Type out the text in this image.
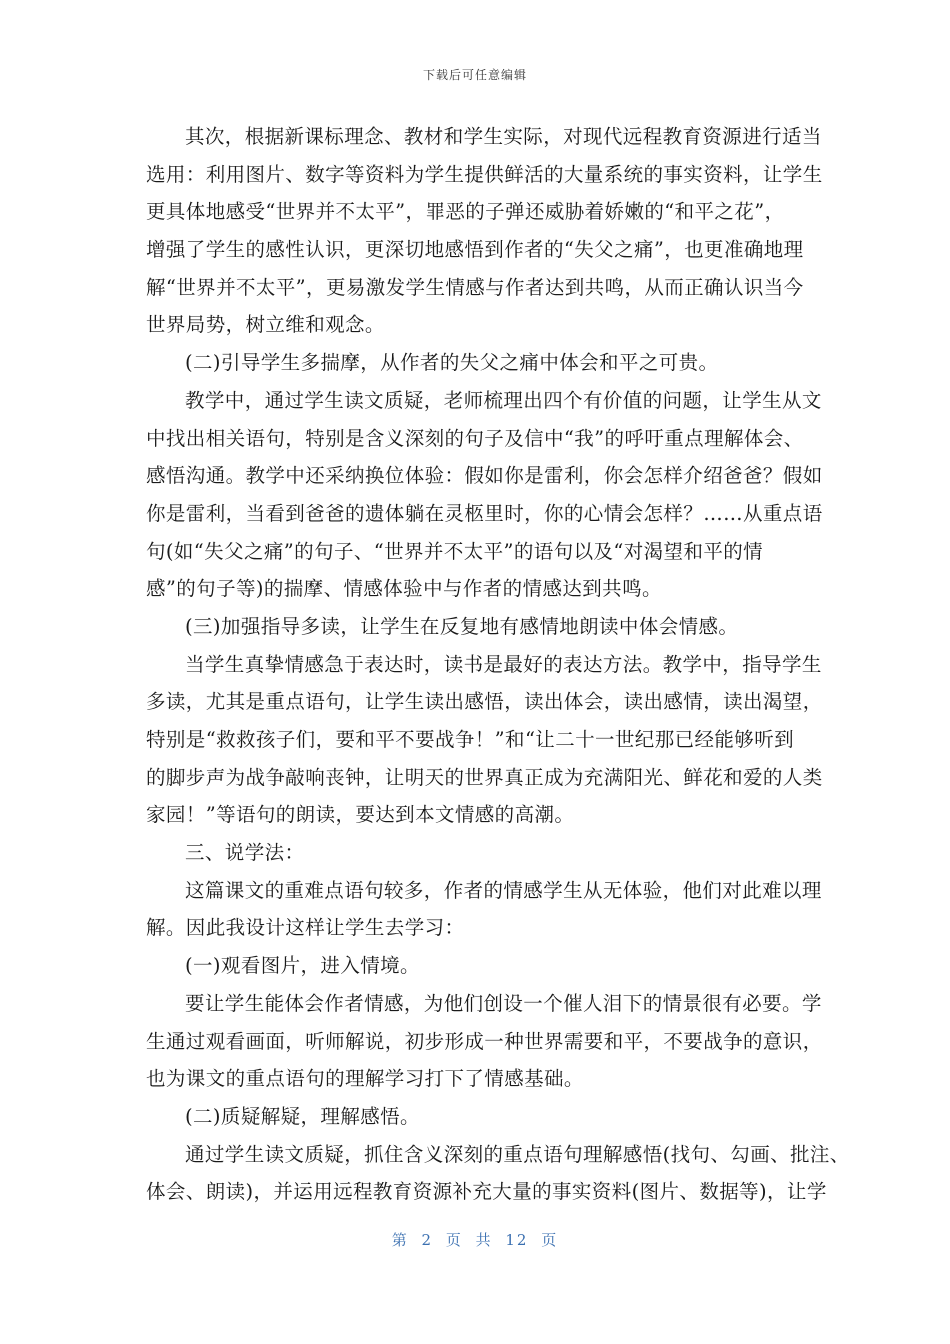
下载后可任意编辑
其次，根据新课标理念、教材和学生实际，对现代远程教育资源进行适当
选用：利用图片、数字等资料为学生提供鲜活的大量系统的事实资料，让学生
更具体地感受“世界并不太平”，罪恶的子弹还威胁着娇嫩的“和平之花”，
增强了学生的感性认识，更深切地感悟到作者的“失父之痛”，也更准确地理
解“世界并不太平”，更易激发学生情感与作者达到共鸣，从而正确认识当今
世界局势，树立维和观念。
(二)引导学生多揣摩，从作者的失父之痛中体会和平之可贵。
教学中，通过学生读文质疑，老师梳理出四个有价值的问题，让学生从文
中找出相关语句，特别是含义深刻的句子及信中“我”的呼吁重点理解体会、
感悟沟通。教学中还采纳换位体验：假如你是雷利，你会怎样介绍爸爸？假如
你是雷利，当看到爸爸的遗体躺在灵柩里时，你的心情会怎样？……从重点语
句(如“失父之痛”的句子、“世界并不太平”的语句以及“对渴望和平的情
感”的句子等)的揣摩、情感体验中与作者的情感达到共鸣。
(三)加强指导多读，让学生在反复地有感情地朗读中体会情感。
当学生真挚情感急于表达时，读书是最好的表达方法。教学中，指导学生
多读，尤其是重点语句，让学生读出感悟，读出体会，读出感情，读出渴望，
特别是“救救孩子们，要和平不要战争！”和“让二十一世纪那已经能够听到
的脚步声为战争敲响丧钟，让明天的世界真正成为充满阳光、鲜花和爱的人类
家园！”等语句的朗读，要达到本文情感的高潮。
三、说学法：
这篇课文的重难点语句较多，作者的情感学生从无体验，他们对此难以理
解。因此我设计这样让学生去学习：
(一)观看图片，进入情境。
要让学生能体会作者情感，为他们创设一个催人泪下的情景很有必要。学
生通过观看画面，听师解说，初步形成一种世界需要和平，不要战争的意识，
也为课文的重点语句的理解学习打下了情感基础。
(二)质疑解疑，理解感悟。
通过学生读文质疑，抓住含义深刻的重点语句理解感悟(找句、勾画、批注、
体会、朗读)，并运用远程教育资源补充大量的事实资料(图片、数据等)，让学
第 2 页 共 12 页
